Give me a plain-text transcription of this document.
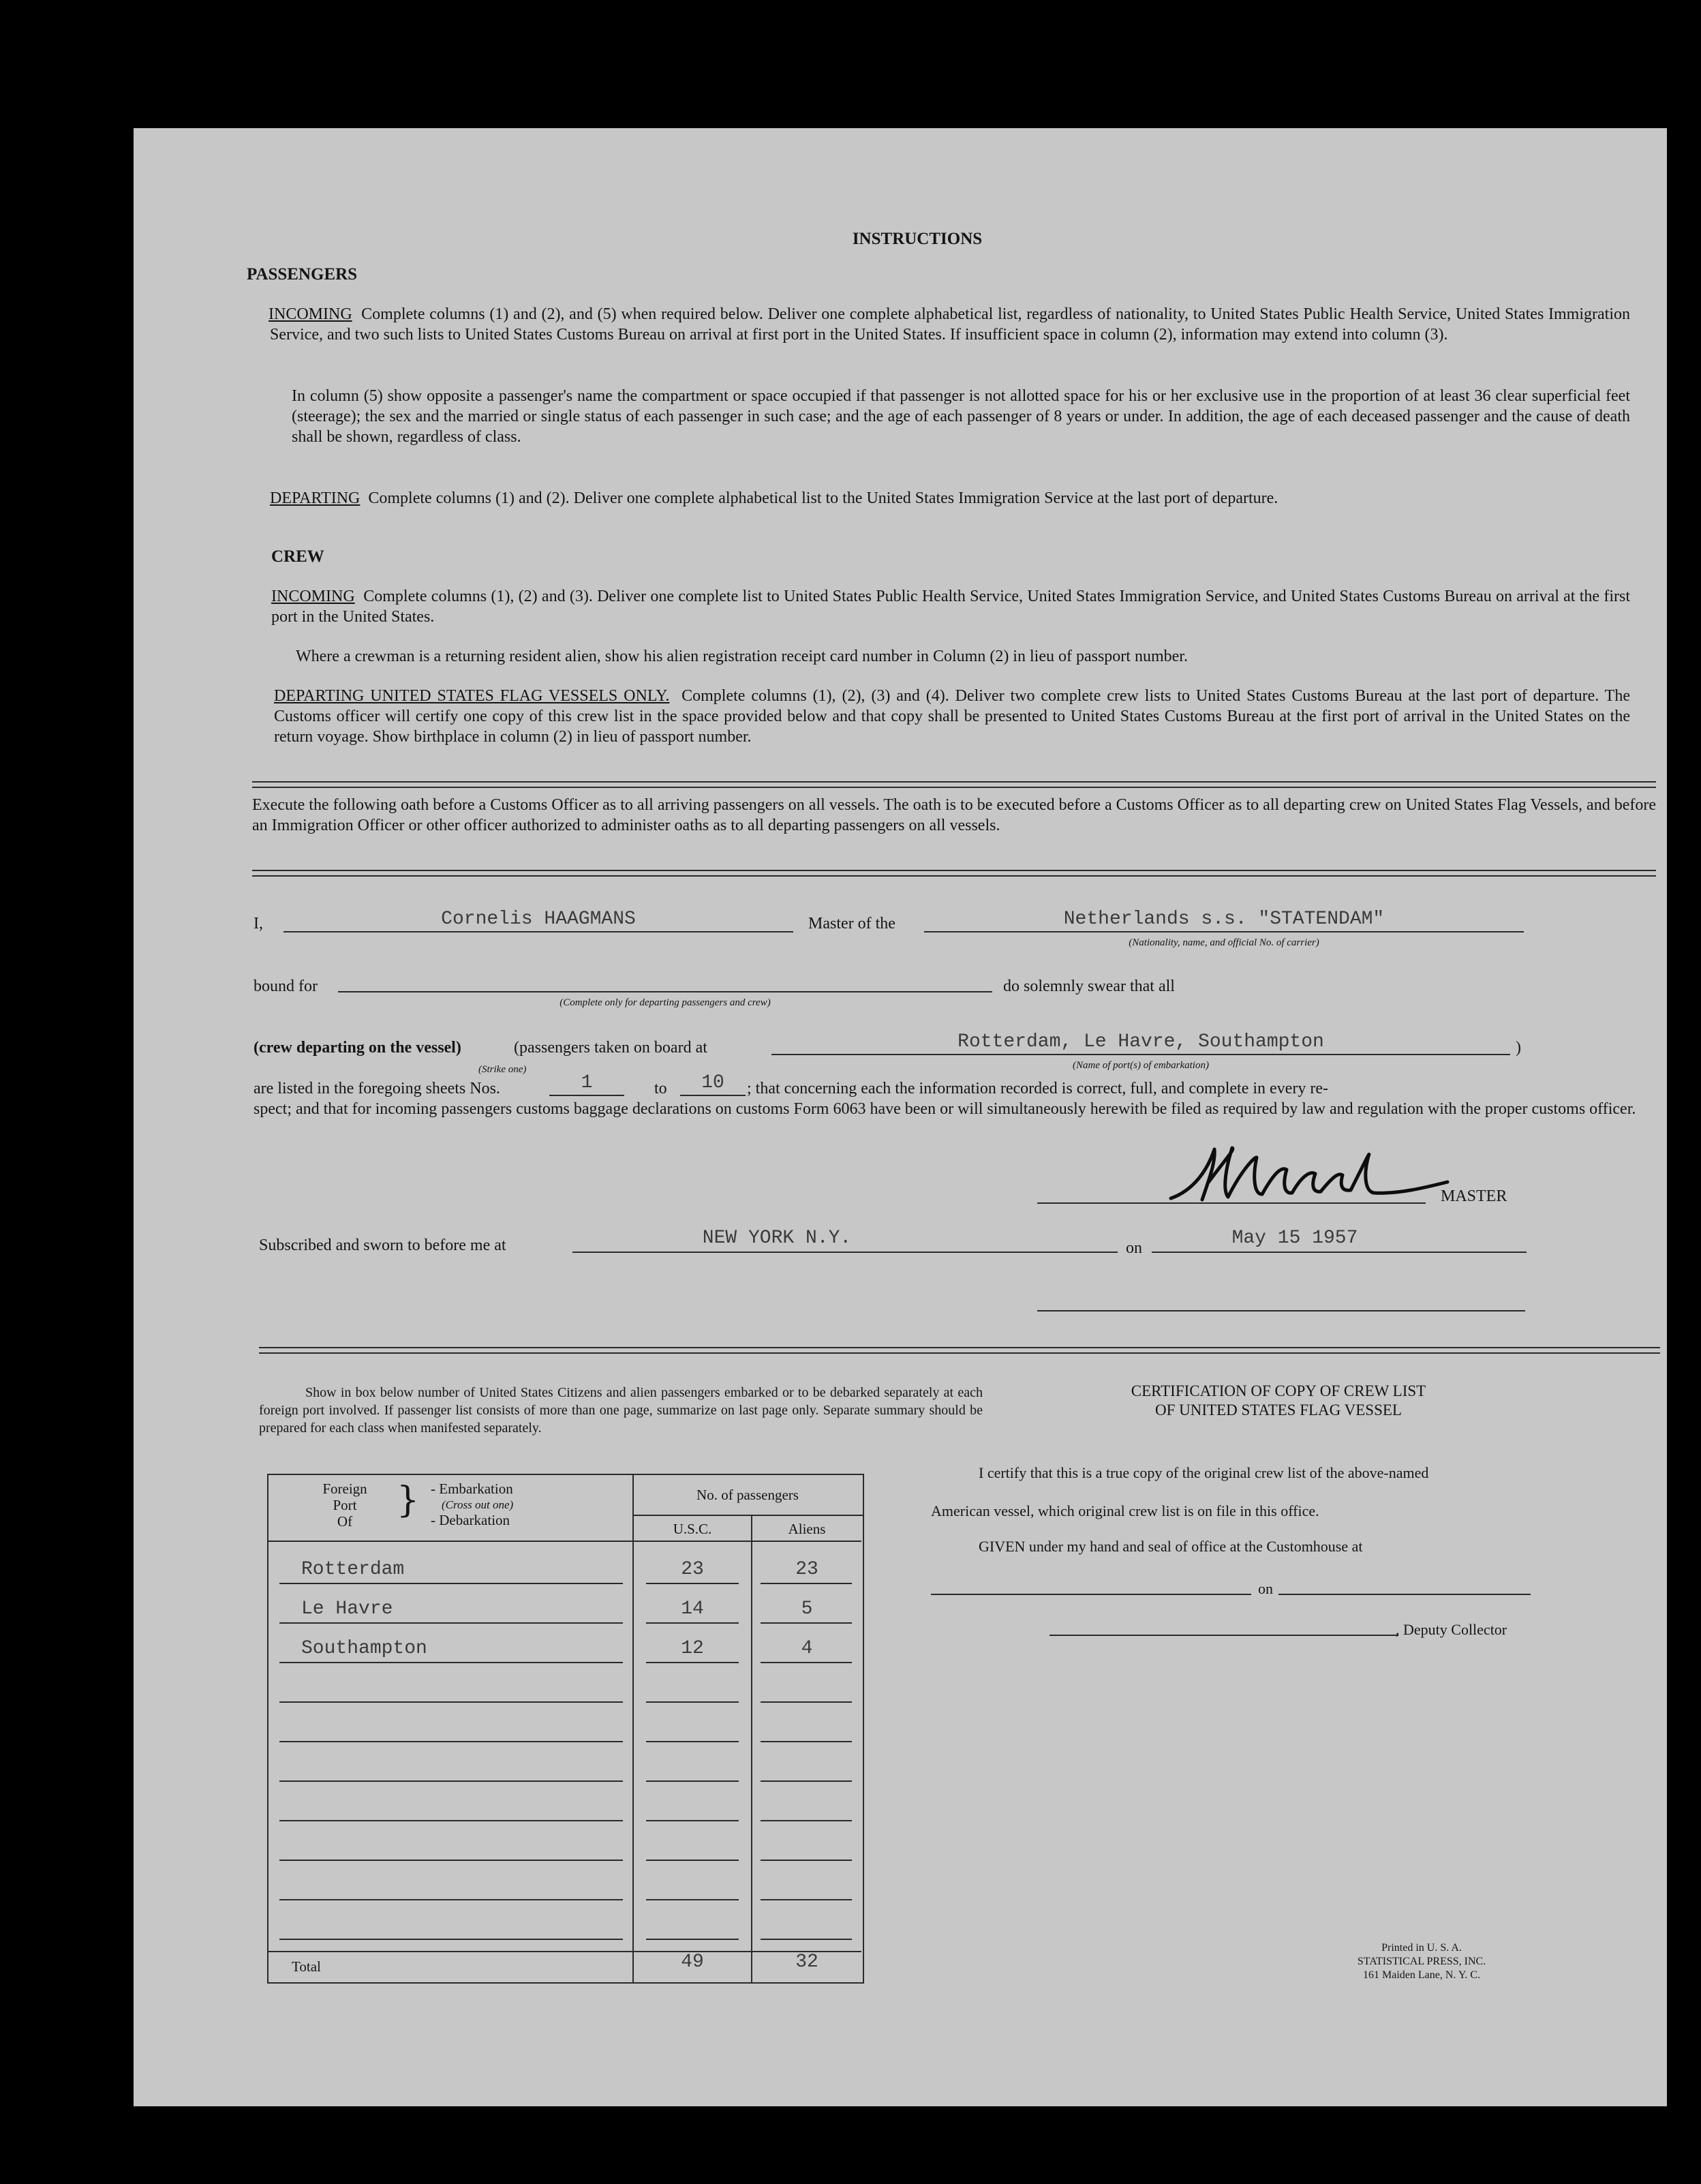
INSTRUCTIONS
PASSENGERS
INCOMING Complete columns (1) and (2), and (5) when required below. Deliver one complete alphabetical list, regardless of nationality, to United States Public Health Service, United States Immigration Service, and two such lists to United States Customs Bureau on arrival at first port in the United States. If insufficient space in column (2), information may extend into column (3).
In column (5) show opposite a passenger's name the compartment or space occupied if that passenger is not allotted space for his or her exclusive use in the proportion of at least 36 clear superficial feet (steerage); the sex and the married or single status of each passenger in such case; and the age of each passenger of 8 years or under. In addition, the age of each deceased passenger and the cause of death shall be shown, regardless of class.
DEPARTING Complete columns (1) and (2). Deliver one complete alphabetical list to the United States Immigration Service at the last port of departure.
CREW
INCOMING Complete columns (1), (2) and (3). Deliver one complete list to United States Public Health Service, United States Immigration Service, and United States Customs Bureau on arrival at the first port in the United States.
Where a crewman is a returning resident alien, show his alien registration receipt card number in Column (2) in lieu of passport number.
DEPARTING UNITED STATES FLAG VESSELS ONLY. Complete columns (1), (2), (3) and (4). Deliver two complete crew lists to United States Customs Bureau at the last port of departure. The Customs officer will certify one copy of this crew list in the space provided below and that copy shall be presented to United States Customs Bureau at the first port of arrival in the United States on the return voyage. Show birthplace in column (2) in lieu of passport number.
Execute the following oath before a Customs Officer as to all arriving passengers on all vessels. The oath is to be executed before a Customs Officer as to all departing crew on United States Flag Vessels, and before an Immigration Officer or other officer authorized to administer oaths as to all departing passengers on all vessels.
I,	Cornelis HAAGMANS	Master of the	Netherlands s.s. "STATENDAM"
(Nationality, name, and official No. of carrier)
bound for
(Complete only for departing passengers and crew)
do solemnly swear that all
(crew departing on the vessel)	(passengers taken on board at
(Strike one)
Rotterdam, Le Havre, Southampton
(Name of port(s) of embarkation)
)
are listed in the foregoing sheets Nos.	1	to	10	; that concerning each the information recorded is correct, full, and complete in every re-
spect; and that for incoming passengers customs baggage declarations on customs Form 6063 have been or will simultaneously herewith be filed as required by law and regulation with the proper customs officer.
MASTER
Subscribed and sworn to before me at	NEW YORK N.Y.	on	May 15 1957
Show in box below number of United States Citizens and alien passengers embarked or to be debarked separately at each foreign port involved. If passenger list consists of more than one page, summarize on last page only. Separate summary should be prepared for each class when manifested separately.
Foreign
Port
Of
} - Embarkation
(Cross out one)
- Debarkation
No. of passengers
U.S.C.	Aliens
Rotterdam	23	23
Le Havre	14	5
Southampton	12	4
Total	49	32
CERTIFICATION OF COPY OF CREW LIST
OF UNITED STATES FLAG VESSEL
I certify that this is a true copy of the original crew list of the above-named
American vessel, which original crew list is on file in this office.
GIVEN under my hand and seal of office at the Customhouse at
on
, Deputy Collector
Printed in U. S. A.
STATISTICAL PRESS, INC.
161 Maiden Lane, N. Y. C.
